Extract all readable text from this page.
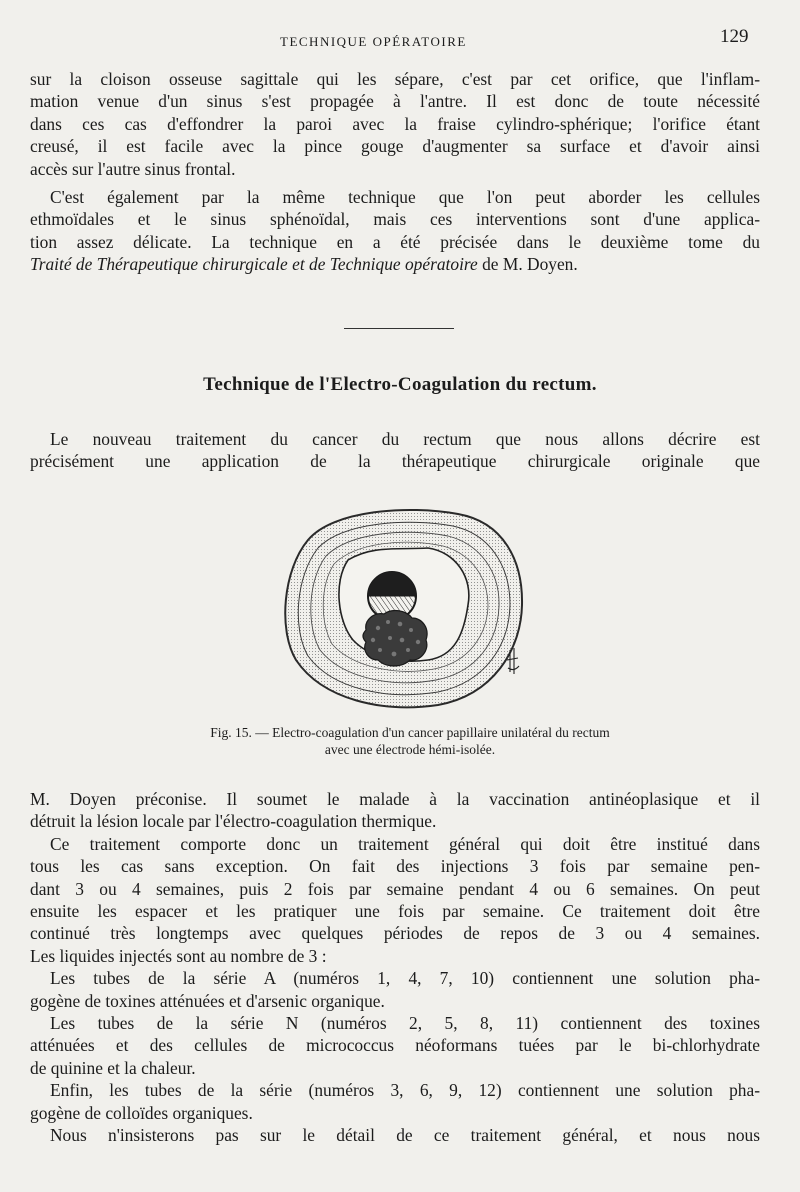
TECHNIQUE OPÉRATOIRE	129

sur la cloison osseuse sagittale qui les sépare, c'est par cet orifice, que l'inflam-
mation venue d'un sinus s'est propagée à l'antre. Il est donc de toute nécessité
dans ces cas d'effondrer la paroi avec la fraise cylindro-sphérique; l'orifice étant
creusé, il est facile avec la pince gouge d'augmenter sa surface et d'avoir ainsi
accès sur l'autre sinus frontal.

C'est également par la même technique que l'on peut aborder les cellules
ethmoïdales et le sinus sphénoïdal, mais ces interventions sont d'une applica-
tion assez délicate. La technique en a été précisée dans le deuxième tome du
Traité de Thérapeutique chirurgicale et de Technique opératoire de M. Doyen.

Technique de l'Electro-Coagulation du rectum.

Le nouveau traitement du cancer du rectum que nous allons décrire est
précisément une application de la thérapeutique chirurgicale originale que

Fig. 15. — Electro-coagulation d'un cancer papillaire unilatéral du rectum
avec une électrode hémi-isolée.

M. Doyen préconise. Il soumet le malade à la vaccination antinéoplasique et il
détruit la lésion locale par l'électro-coagulation thermique.
Ce traitement comporte donc un traitement général qui doit être institué dans
tous les cas sans exception. On fait des injections 3 fois par semaine pen-
dant 3 ou 4 semaines, puis 2 fois par semaine pendant 4 ou 6 semaines. On peut
ensuite les espacer et les pratiquer une fois par semaine. Ce traitement doit être
continué très longtemps avec quelques périodes de repos de 3 ou 4 semaines.
Les liquides injectés sont au nombre de 3 :
Les tubes de la série A (numéros 1, 4, 7, 10) contiennent une solution pha-
gogène de toxines atténuées et d'arsenic organique.
Les tubes de la série N (numéros 2, 5, 8, 11) contiennent des toxines
atténuées et des cellules de micrococcus néoformans tuées par le bi-chlorhydrate
de quinine et la chaleur.
Enfin, les tubes de la série (numéros 3, 6, 9, 12) contiennent une solution pha-
gogène de colloïdes organiques.
Nous n'insisterons pas sur le détail de ce traitement général, et nous nous
